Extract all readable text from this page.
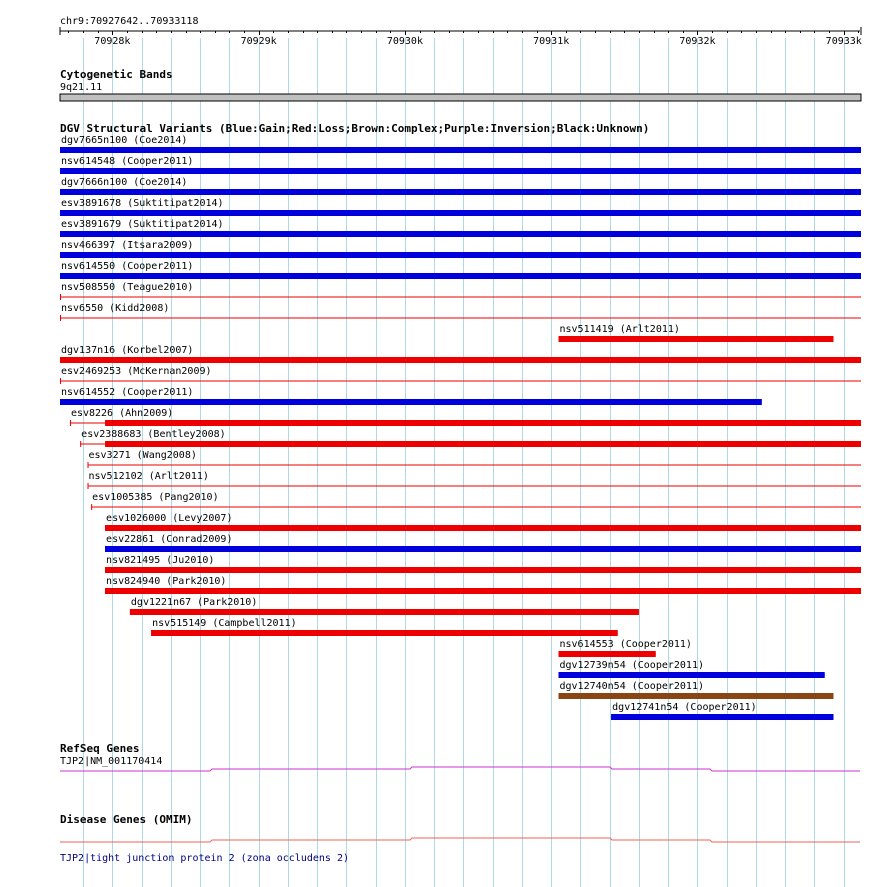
chr9:70927642..70933118
70928k	70929k	70930k	70931k	70932k	70933k
Cytogenetic Bands
9q21.11
DGV Structural Variants (Blue:Gain;Red:Loss;Brown:Complex;Purple:Inversion;Black:Unknown)
dgv7665n100 (Coe2014)
nsv614548 (Cooper2011)
dgv7666n100 (Coe2014)
esv3891678 (Suktitipat2014)
esv3891679 (Suktitipat2014)
nsv466397 (Itsara2009)
nsv614550 (Cooper2011)
nsv508550 (Teague2010)
nsv6550 (Kidd2008)
nsv511419 (Arlt2011)
dgv137n16 (Korbel2007)
esv2469253 (McKernan2009)
nsv614552 (Cooper2011)
esv8226 (Ahn2009)
esv2388683 (Bentley2008)
esv3271 (Wang2008)
nsv512102 (Arlt2011)
esv1005385 (Pang2010)
esv1026000 (Levy2007)
esv22861 (Conrad2009)
nsv821495 (Ju2010)
nsv824940 (Park2010)
dgv1221n67 (Park2010)
nsv515149 (Campbell2011)
nsv614553 (Cooper2011)
dgv12739n54 (Cooper2011)
dgv12740n54 (Cooper2011)
dgv12741n54 (Cooper2011)
RefSeq Genes
TJP2|NM_001170414
Disease Genes (OMIM)
TJP2|tight junction protein 2 (zona occludens 2)
